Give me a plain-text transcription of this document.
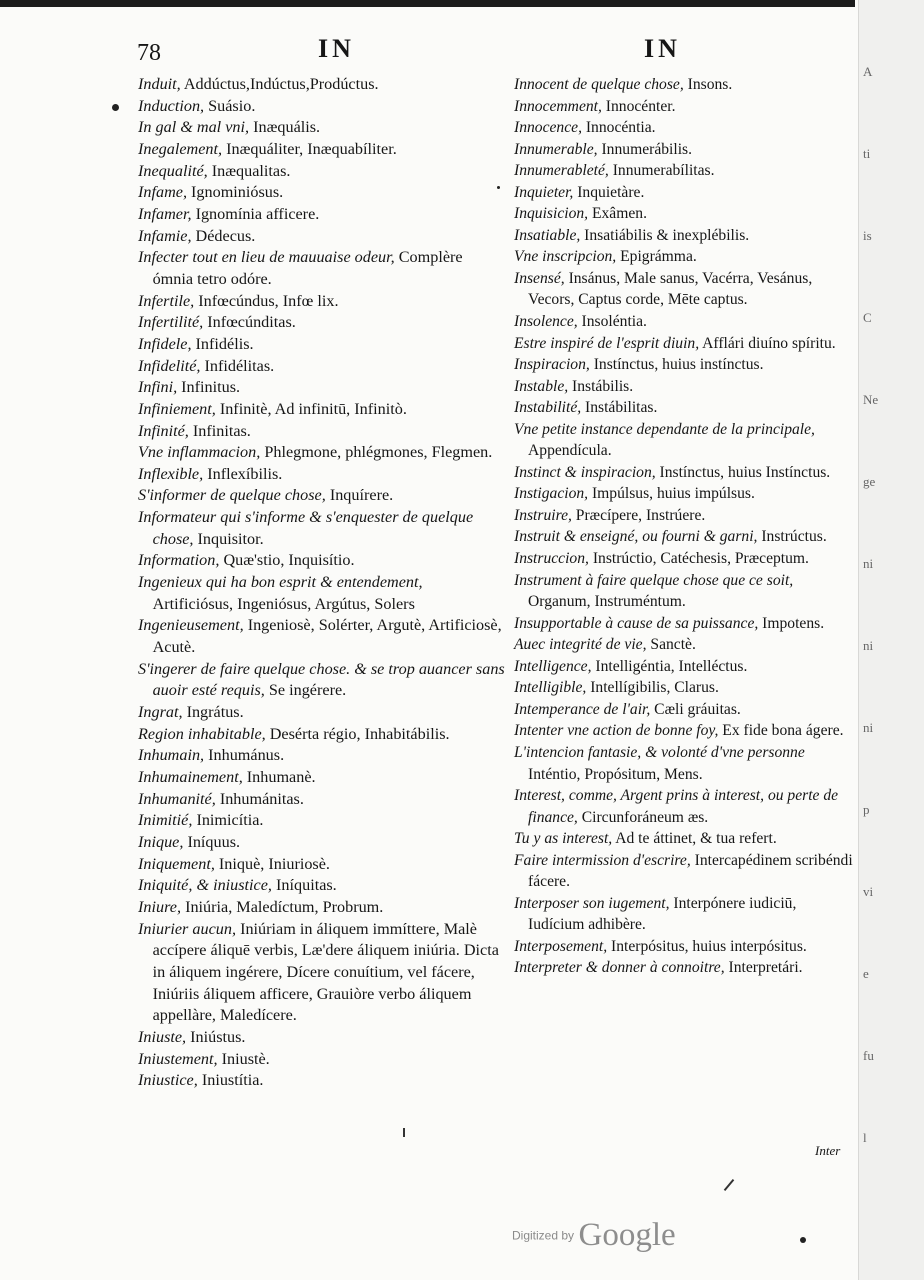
A
ti
is
C
Ne
ge
ni
ni
ni
p
vi
e
fu
l
78	IN	IN
Induit, Addúctus,Indúctus,Prodúctus.
Induction, Suásio.
In gal & mal vni, Inæquális.
Inegalement, Inæquáliter, Inæquabíliter.
Inequalité, Inæqualitas.
Infame, Ignominiósus.
Infamer, Ignomínia afficere.
Infamie, Dédecus.
Infecter tout en lieu de mauuaise odeur, Complère ómnia tetro odóre.
Infertile, Infœcúndus, Infœ lix.
Infertilité, Infœcúnditas.
Infidele, Infidélis.
Infidelité, Infidélitas.
Infini, Infinitus.
Infiniement, Infinitè, Ad infinitū, Infinitò.
Infinité, Infinitas.
Vne inflammacion, Phlegmone, phlégmones, Flegmen.
Inflexible, Inflexíbilis.
S'informer de quelque chose, Inquírere.
Informateur qui s'informe & s'enquester de quelque chose, Inquisitor.
Information, Quæ'stio, Inquisítio.
Ingenieux qui ha bon esprit & entendement, Artificiósus, Ingeniósus, Argútus, Solers
Ingenieusement, Ingeniosè, Solérter, Argutè, Artificiosè, Acutè.
S'ingerer de faire quelque chose. & se trop auancer sans auoir esté requis, Se ingérere.
Ingrat, Ingrátus.
Region inhabitable, Desérta régio, Inhabitábilis.
Inhumain, Inhumánus.
Inhumainement, Inhumanè.
Inhumanité, Inhumánitas.
Inimitié, Inimicítia.
Inique, Iníquus.
Iniquement, Iniquè, Iniuriosè.
Iniquité, & iniustice, Iníquitas.
Iniure, Iniúria, Maledíctum, Probrum.
Iniurier aucun, Iniúriam in áliquem immíttere, Malè accípere áliquē verbis, Læ'dere áliquem iniúria. Dicta in áliquem ingérere, Dícere conuítium, vel fácere, Iniúriis áliquem afficere, Grauiòre verbo áliquem appellàre, Maledícere.
Iniuste, Iniústus.
Iniustement, Iniustè.
Iniustice, Iniustítia.
Innocent de quelque chose, Insons.
Innocemment, Innocénter.
Innocence, Innocéntia.
Innumerable, Innumerábilis.
Innumerableté, Innumerabílitas.
Inquieter, Inquietàre.
Inquisicion, Exâmen.
Insatiable, Insatiábilis & inexplébilis.
Vne inscripcion, Epigrámma.
Insensé, Insánus, Male sanus, Vacérra, Vesánus, Vecors, Captus corde, Mēte captus.
Insolence, Insoléntia.
Estre inspiré de l'esprit diuin, Afflári diuíno spíritu.
Inspiracion, Instínctus, huius instínctus.
Instable, Instábilis.
Instabilité, Instábilitas.
Vne petite instance dependante de la principale, Appendícula.
Instinct & inspiracion, Instínctus, huius Instínctus.
Instigacion, Impúlsus, huius impúlsus.
Instruire, Præcípere, Instrúere.
Instruit & enseigné, ou fourni & garni, Instrúctus.
Instruccion, Instrúctio, Catéchesis, Præceptum.
Instrument à faire quelque chose que ce soit, Organum, Instruméntum.
Insupportable à cause de sa puissance, Impotens.
Auec integrité de vie, Sanctè.
Intelligence, Intelligéntia, Intelléctus.
Intelligible, Intellígibilis, Clarus.
Intemperance de l'air, Cæli gráuitas.
Intenter vne action de bonne foy, Ex fide bona ágere.
L'intencion fantasie, & volonté d'vne personne Inténtio, Propósitum, Mens.
Interest, comme, Argent prins à interest, ou perte de finance, Circunforáneum æs.
Tu y as interest, Ad te áttinet, & tua refert.
Faire intermission d'escrire, Intercapédinem scribéndi fácere.
Interposer son iugement, Interpónere iudiciū, Iudícium adhibère.
Interposement, Interpósitus, huius interpósitus.
Interpreter & donner à connoitre, Interpretári.
Inter
Digitized by Google
